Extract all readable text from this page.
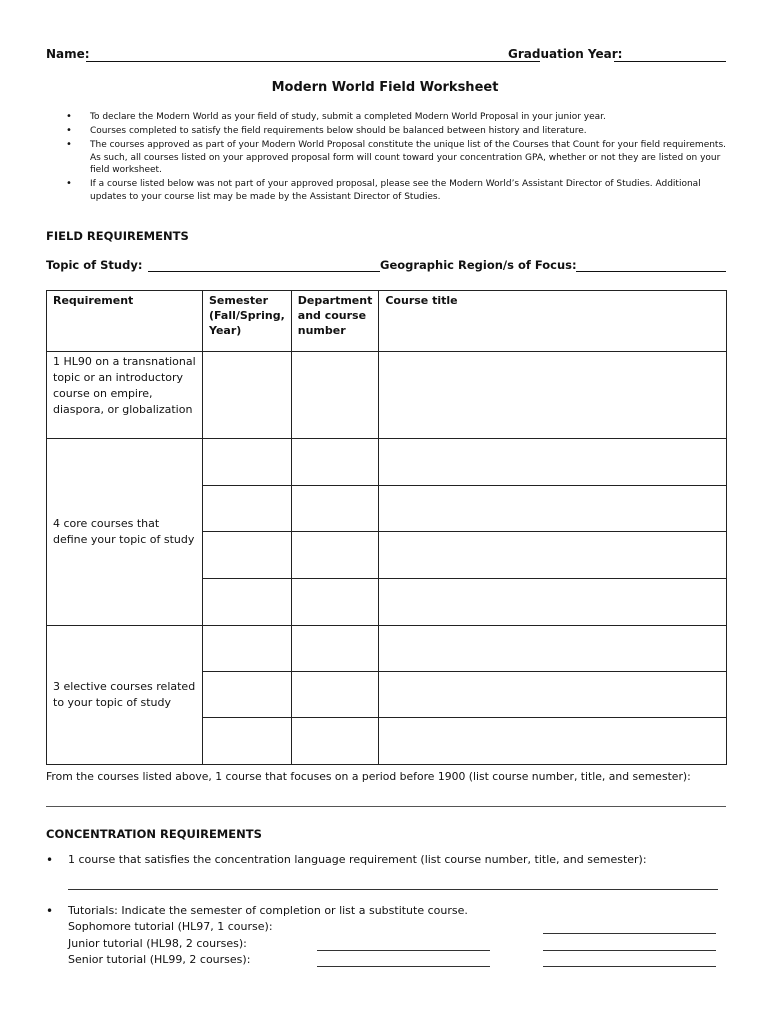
Name:	Graduation Year:
Modern World Field Worksheet
• To declare the Modern World as your field of study, submit a completed Modern World Proposal in your junior year.
• Courses completed to satisfy the field requirements below should be balanced between history and literature.
• The courses approved as part of your Modern World Proposal constitute the unique list of the Courses that Count for your field requirements. As such, all courses listed on your approved proposal form will count toward your concentration GPA, whether or not they are listed on your field worksheet.
• If a course listed below was not part of your approved proposal, please see the Modern World’s Assistant Director of Studies. Additional updates to your course list may be made by the Assistant Director of Studies.
FIELD REQUIREMENTS
Topic of Study:	Geographic Region/s of Focus:
Requirement	Semester (Fall/Spring, Year)	Department and course number	Course title
1 HL90 on a transnational topic or an introductory course on empire, diaspora, or globalization			
4 core courses that define your topic of study			

3 elective courses related to your topic of study			

From the courses listed above, 1 course that focuses on a period before 1900 (list course number, title, and semester):
CONCENTRATION REQUIREMENTS
• 1 course that satisfies the concentration language requirement (list course number, title, and semester):
• Tutorials: Indicate the semester of completion or list a substitute course.
Sophomore tutorial (HL97, 1 course):
Junior tutorial (HL98, 2 courses):
Senior tutorial (HL99, 2 courses):
